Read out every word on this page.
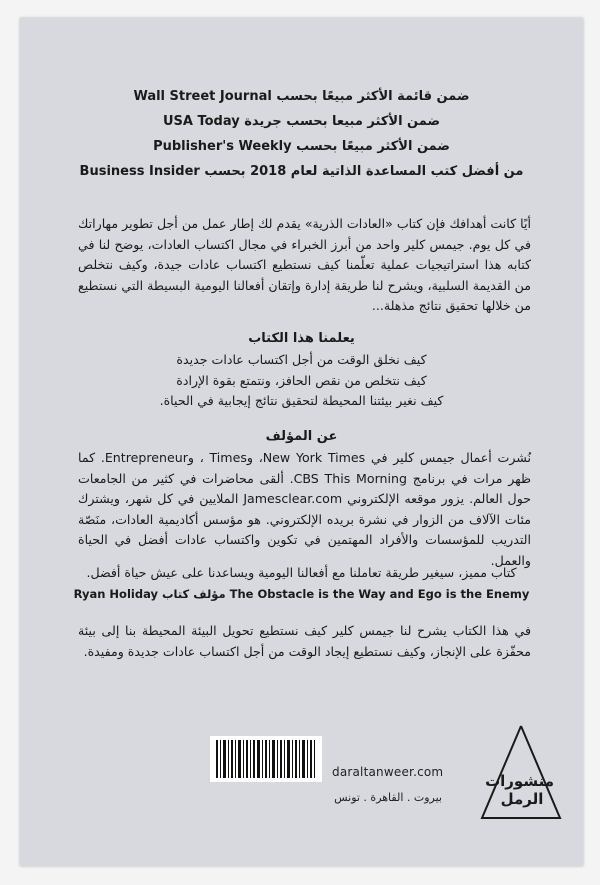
ضمن قائمة الأكثر مبيعًا بحسب Wall Street Journal
ضمن الأكثر مبيعا بحسب جريدة USA Today
ضمن الأكثر مبيعًا بحسب Publisher's Weekly
من أفضل كتب المساعدة الذاتية لعام 2018 بحسب Business Insider
أيًا كانت أهدافك فإن كتاب «العادات الذرية» يقدم لك إطار عمل من أجل تطوير مهاراتك في كل يوم. جيمس كلير واحد من أبرز الخبراء في مجال اكتساب العادات، يوضح لنا في كتابه هذا استراتيجيات عملية تعلّمنا كيف نستطيع اكتساب عادات جيدة، وكيف نتخلص من القديمة السلبية، ويشرح لنا طريقة إدارة وإتقان أفعالنا اليومية البسيطة التي نستطيع من خلالها تحقيق نتائج مذهلة...
يعلمنا هذا الكتاب
كيف نخلق الوقت من أجل اكتساب عادات جديدة
كيف نتخلص من نقص الحافز، ونتمتع بقوة الإرادة
كيف نغير بيئتنا المحيطة لتحقيق نتائج إيجابية في الحياة.
عن المؤلف
نُشرت أعمال جيمس كلير في New York Times، وTimes ، وEntrepreneur. كما ظهر مرات في برنامج CBS This Morning. ألقى محاضرات في كثير من الجامعات حول العالم. يزور موقعه الإلكتروني Jamesclear.com الملايين في كل شهر، ويشترك مئات الآلاف من الزوار في نشرة بريده الإلكتروني. هو مؤسس أكاديمية العادات، منَصّة التدريب للمؤسسات والأفراد المهتمين في تكوين واكتساب عادات أفضل في الحياة والعمل.
كتاب مميز، سيغير طريقة تعاملنا مع أفعالنا اليومية ويساعدنا على عيش حياة أفضل.
The Obstacle is the Way and Ego is the Enemy مؤلف كتاب Ryan Holiday
في هذا الكتاب يشرح لنا جيمس كلير كيف نستطيع تحويل البيئة المحيطة بنا إلى بيئة محفّزة على الإنجاز، وكيف نستطيع إيجاد الوقت من أجل اكتساب عادات جديدة ومفيدة.
daraltanweer.com
بيروت . القاهرة . تونس
منشورات
الرمل
